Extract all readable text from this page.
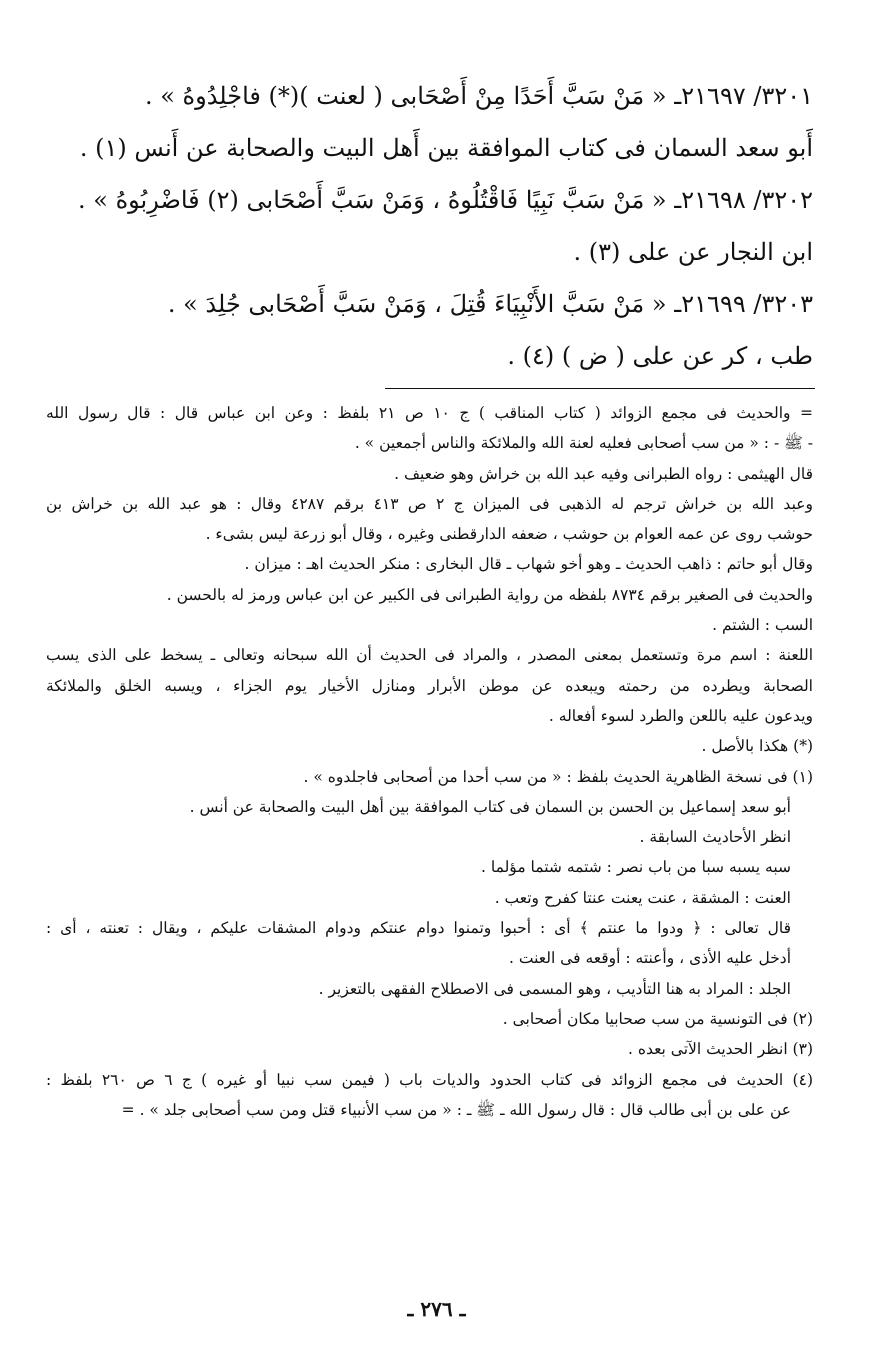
٣٢٠١/ ٢١٦٩٧ـ « مَنْ سَبَّ أَحَدًا مِنْ أَصْحَابى ( لعنت )(*) فاجْلِدُوهُ » .
أَبو سعد السمان فى كتاب الموافقة بين أَهل البيت والصحابة عن أَنس (١) .
٣٢٠٢/ ٢١٦٩٨ـ « مَنْ سَبَّ نَبِيًا فَاقْتُلُوهُ ، وَمَنْ سَبَّ أَصْحَابى (٢) فَاضْرِبُوهُ » .
ابن النجار عن على (٣) .
٣٢٠٣/ ٢١٦٩٩ـ « مَنْ سَبَّ الأَنْبِيَاءَ قُتِلَ ، وَمَنْ سَبَّ أَصْحَابى جُلِدَ » .
طب ، كر عن على ( ض ) (٤) .
= والحديث فى مجمع الزوائد ( كتاب المناقب ) ج ١٠ ص ٢١ بلفظ : وعن ابن عباس قال : قال رسول الله
- ﷺ - : « من سب أصحابى فعليه لعنة الله والملائكة والناس أجمعين » .
قال الهيثمى : رواه الطبرانى وفيه عبد الله بن خراش وهو ضعيف .
وعبد الله بن خراش ترجم له الذهبى فى الميزان ج ٢ ص ٤١٣ برقم ٤٢٨٧ وقال : هو عبد الله بن خراش بن
حوشب روى عن عمه العوام بن حوشب ، ضعفه الدارقطنى وغيره ، وقال أبو زرعة ليس بشىء .
وقال أبو حاتم : ذاهب الحديث ـ وهو أخو شهاب ـ قال البخارى : منكر الحديث اهـ : ميزان .
والحديث فى الصغير برقم ٨٧٣٤ بلفظه من رواية الطبرانى فى الكبير عن ابن عباس ورمز له بالحسن .
السب : الشتم .
اللعنة : اسم مرة وتستعمل بمعنى المصدر ، والمراد فى الحديث أن الله سبحانه وتعالى ـ يسخط على الذى يسب
الصحابة ويطرده من رحمته ويبعده عن موطن الأبرار ومنازل الأخيار يوم الجزاء ، ويسبه الخلق والملائكة
ويدعون عليه باللعن والطرد لسوء أفعاله .
(*) هكذا بالأصل .
(١) فى نسخة الظاهرية الحديث بلفظ : « من سب أحدا من أصحابى فاجلدوه » .
أبو سعد إسماعيل بن الحسن بن السمان فى كتاب الموافقة بين أهل البيت والصحابة عن أنس .
انظر الأحاديث السابقة .
سبه يسبه سبا من باب نصر : شتمه شتما مؤلما .
العنت : المشقة ، عنت يعنت عنتا كفرح وتعب .
قال تعالى : ﴿ ودوا ما عنتم ﴾ أى : أحبوا وتمنوا دوام عنتكم ودوام المشقات عليكم ، ويقال : تعنته ، أى :
أدخل عليه الأذى ، وأعنته : أوقعه فى العنت .
الجلد : المراد به هنا التأديب ، وهو المسمى فى الاصطلاح الفقهى بالتعزير .
(٢) فى التونسية من سب صحابيا مكان أصحابى .
(٣) انظر الحديث الآتى بعده .
(٤) الحديث فى مجمع الزوائد فى كتاب الحدود والديات باب ( فيمن سب نبيا أو غيره ) ج ٦ ص ٢٦٠ بلفظ :
عن على بن أبى طالب قال : قال رسول الله ـ ﷺ ـ : « من سب الأنبياء قتل ومن سب أصحابى جلد » . =
ـ ٢٧٦ ـ
